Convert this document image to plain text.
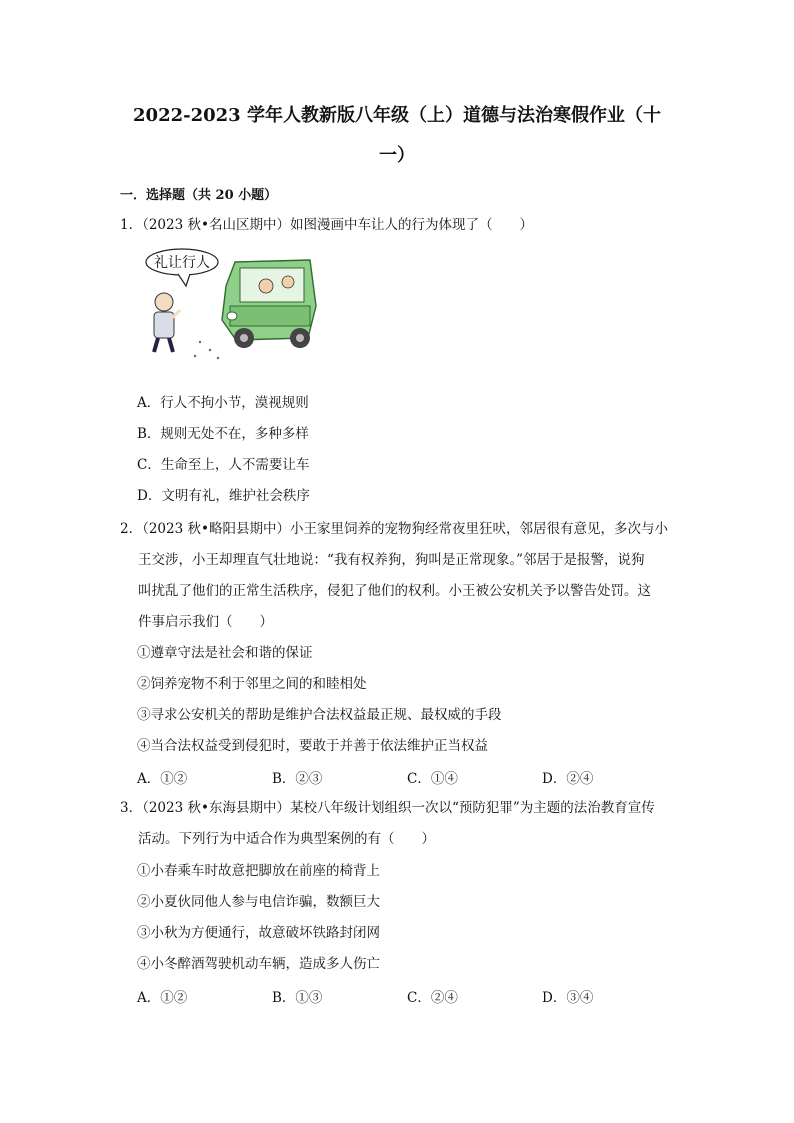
2022-2023 学年人教新版八年级（上）道德与法治寒假作业（十
一）
一．选择题（共 20 小题）
1．（2023 秋•名山区期中）如图漫画中车让人的行为体现了（　　）
礼让行人
A．行人不拘小节，漠视规则
B．规则无处不在，多种多样
C．生命至上，人不需要让车
D．文明有礼，维护社会秩序
2．（2023 秋•略阳县期中）小王家里饲养的宠物狗经常夜里狂吠，邻居很有意见，多次与小
王交涉，小王却理直气壮地说：“我有权养狗，狗叫是正常现象。”邻居于是报警，说狗
叫扰乱了他们的正常生活秩序，侵犯了他们的权利。小王被公安机关予以警告处罚。这
件事启示我们（　　）
①遵章守法是社会和谐的保证
②饲养宠物不利于邻里之间的和睦相处
③寻求公安机关的帮助是维护合法权益最正规、最权威的手段
④当合法权益受到侵犯时，要敢于并善于依法维护正当权益
A．①②	B．②③	C．①④	D．②④
3．（2023 秋•东海县期中）某校八年级计划组织一次以“预防犯罪”为主题的法治教育宣传
活动。下列行为中适合作为典型案例的有（　　）
①小春乘车时故意把脚放在前座的椅背上
②小夏伙同他人参与电信诈骗，数额巨大
③小秋为方便通行，故意破坏铁路封闭网
④小冬醉酒驾驶机动车辆，造成多人伤亡
A．①②	B．①③	C．②④	D．③④
